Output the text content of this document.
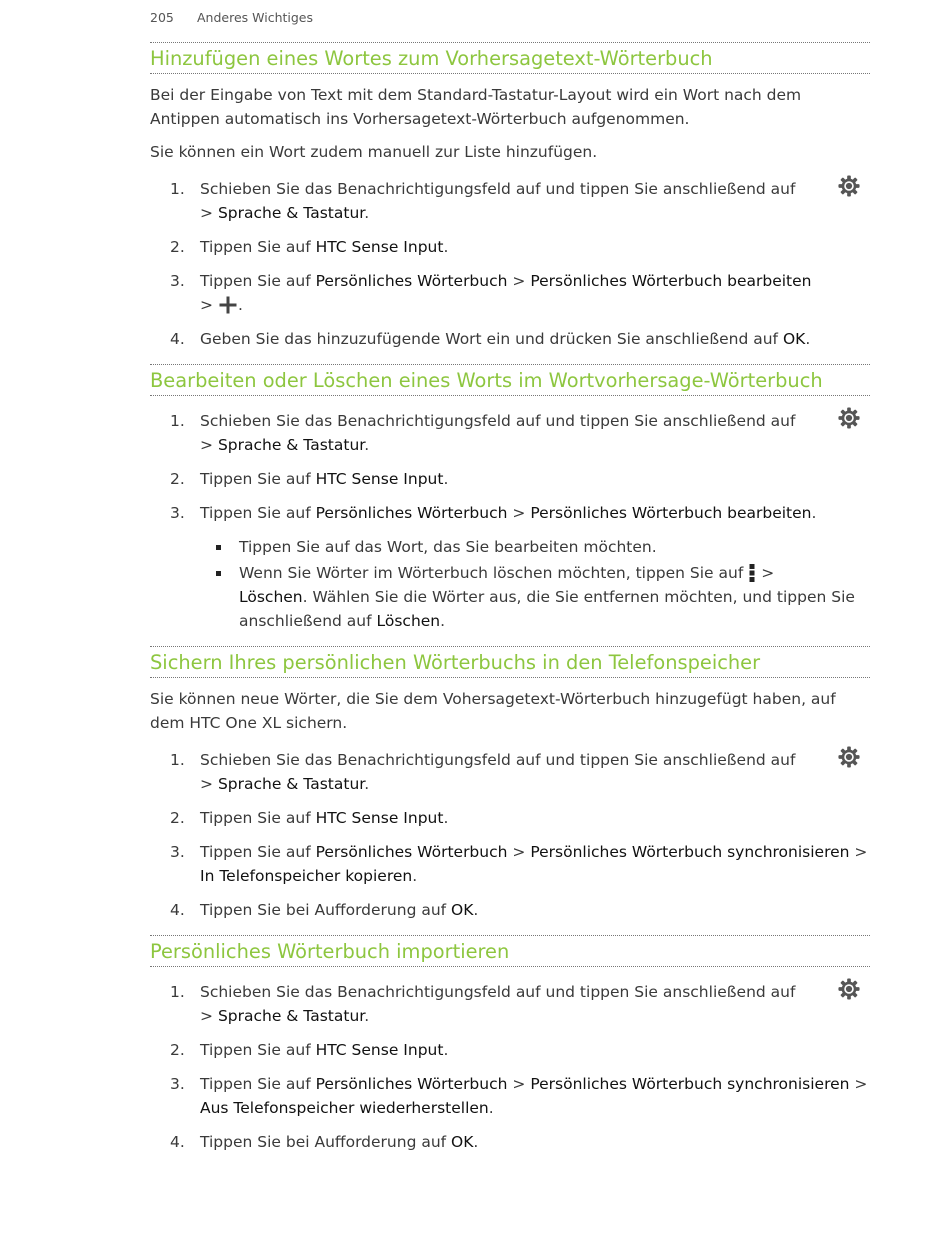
205 Anderes Wichtiges
Hinzufügen eines Wortes zum Vorhersagetext-Wörterbuch

Bei der Eingabe von Text mit dem Standard-Tastatur-Layout wird ein Wort nach dem Antippen automatisch ins Vorhersagetext-Wörterbuch aufgenommen.

Sie können ein Wort zudem manuell zur Liste hinzufügen.

1. Schieben Sie das Benachrichtigungsfeld auf und tippen Sie anschließend auf
> Sprache & Tastatur.
2. Tippen Sie auf HTC Sense Input.
3. Tippen Sie auf Persönliches Wörterbuch > Persönliches Wörterbuch bearbeiten
> .
4. Geben Sie das hinzuzufügende Wort ein und drücken Sie anschließend auf OK.
Bearbeiten oder Löschen eines Worts im Wortvorhersage-Wörterbuch
1. Schieben Sie das Benachrichtigungsfeld auf und tippen Sie anschließend auf
> Sprache & Tastatur.
2. Tippen Sie auf HTC Sense Input.
3. Tippen Sie auf Persönliches Wörterbuch > Persönliches Wörterbuch bearbeiten.
Tippen Sie auf das Wort, das Sie bearbeiten möchten.
Wenn Sie Wörter im Wörterbuch löschen möchten, tippen Sie auf >
Löschen. Wählen Sie die Wörter aus, die Sie entfernen möchten, und tippen Sie anschließend auf Löschen.
Sichern Ihres persönlichen Wörterbuchs in den Telefonspeicher

Sie können neue Wörter, die Sie dem Vohersagetext-Wörterbuch hinzugefügt haben, auf dem HTC One XL sichern.

1. Schieben Sie das Benachrichtigungsfeld auf und tippen Sie anschließend auf
> Sprache & Tastatur.
2. Tippen Sie auf HTC Sense Input.
3. Tippen Sie auf Persönliches Wörterbuch > Persönliches Wörterbuch synchronisieren > In Telefonspeicher kopieren.
4. Tippen Sie bei Aufforderung auf OK.
Persönliches Wörterbuch importieren
1. Schieben Sie das Benachrichtigungsfeld auf und tippen Sie anschließend auf
> Sprache & Tastatur.
2. Tippen Sie auf HTC Sense Input.
3. Tippen Sie auf Persönliches Wörterbuch > Persönliches Wörterbuch synchronisieren > Aus Telefonspeicher wiederherstellen.
4. Tippen Sie bei Aufforderung auf OK.
